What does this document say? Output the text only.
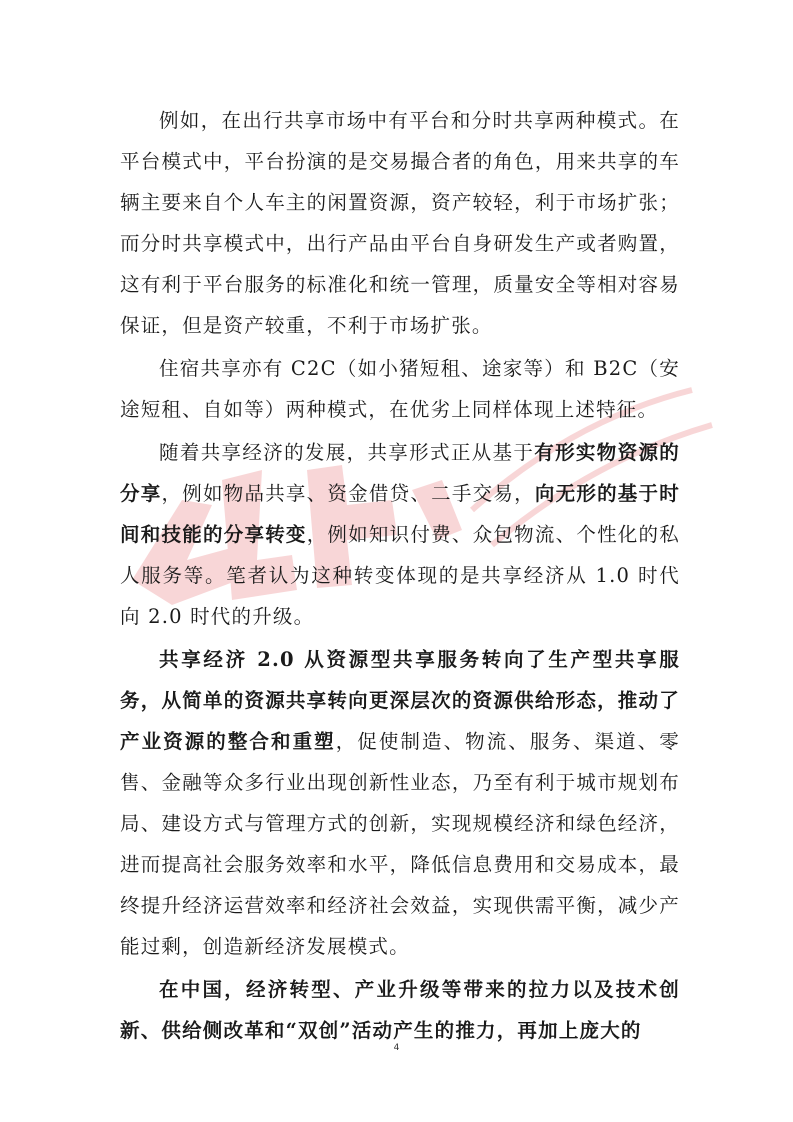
例如，在出行共享市场中有平台和分时共享两种模式。在平台模式中，平台扮演的是交易撮合者的角色，用来共享的车辆主要来自个人车主的闲置资源，资产较轻，利于市场扩张；而分时共享模式中，出行产品由平台自身研发生产或者购置，这有利于平台服务的标准化和统一管理，质量安全等相对容易保证，但是资产较重，不利于市场扩张。

住宿共享亦有 C2C（如小猪短租、途家等）和 B2C（安途短租、自如等）两种模式，在优劣上同样体现上述特征。

随着共享经济的发展，共享形式正从基于有形实物资源的分享，例如物品共享、资金借贷、二手交易，向无形的基于时间和技能的分享转变，例如知识付费、众包物流、个性化的私人服务等。笔者认为这种转变体现的是共享经济从 1.0 时代向 2.0 时代的升级。

共享经济 2.0 从资源型共享服务转向了生产型共享服务，从简单的资源共享转向更深层次的资源供给形态，推动了产业资源的整合和重塑，促使制造、物流、服务、渠道、零售、金融等众多行业出现创新性业态，乃至有利于城市规划布局、建设方式与管理方式的创新，实现规模经济和绿色经济，进而提高社会服务效率和水平，降低信息费用和交易成本，最终提升经济运营效率和经济社会效益，实现供需平衡，减少产能过剩，创造新经济发展模式。

在中国，经济转型、产业升级等带来的拉力以及技术创新、供给侧改革和“双创”活动产生的推力，再加上庞大的

4
